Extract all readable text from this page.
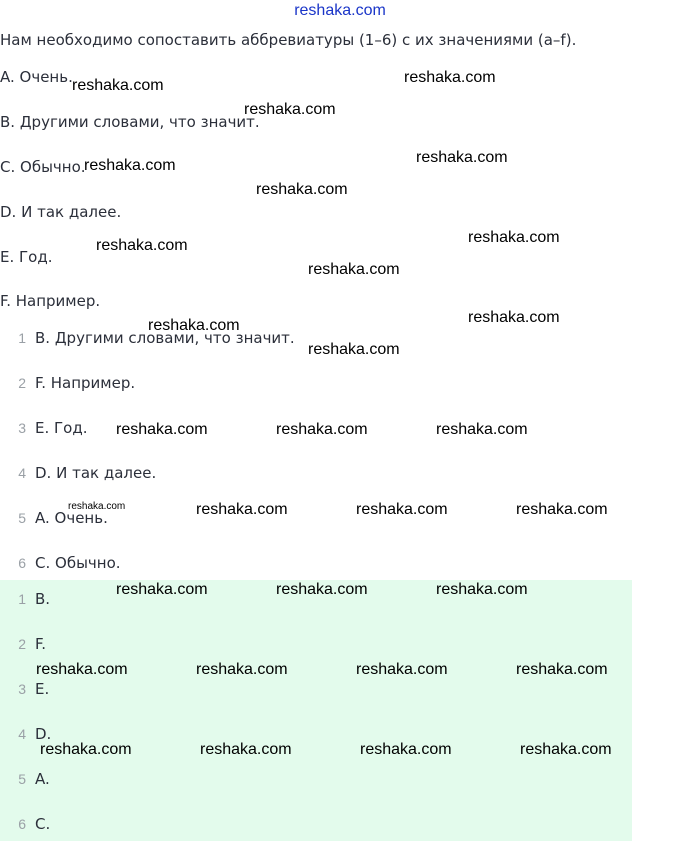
reshaka.com
Нам необходимо сопоставить аббревиатуры (1–6) с их значениями (a–f).
A. Очень.
B. Другими словами, что значит.
C. Обычно.
D. И так далее.
E. Год.
F. Например.
1 B. Другими словами, что значит.
2 F. Например.
3 E. Год.
4 D. И так далее.
5 A. Очень.
6 C. Обычно.
1 B.
2 F.
3 E.
4 D.
5 A.
6 C.
reshaka.com	reshaka.com
reshaka.com
reshaka.com	reshaka.com
reshaka.com
reshaka.com	reshaka.com
reshaka.com
reshaka.com	reshaka.com
reshaka.com
reshaka.com	reshaka.com	reshaka.com
reshaka.com	reshaka.com	reshaka.com	reshaka.com
reshaka.com	reshaka.com	reshaka.com
reshaka.com	reshaka.com	reshaka.com	reshaka.com
reshaka.com	reshaka.com	reshaka.com	reshaka.com
